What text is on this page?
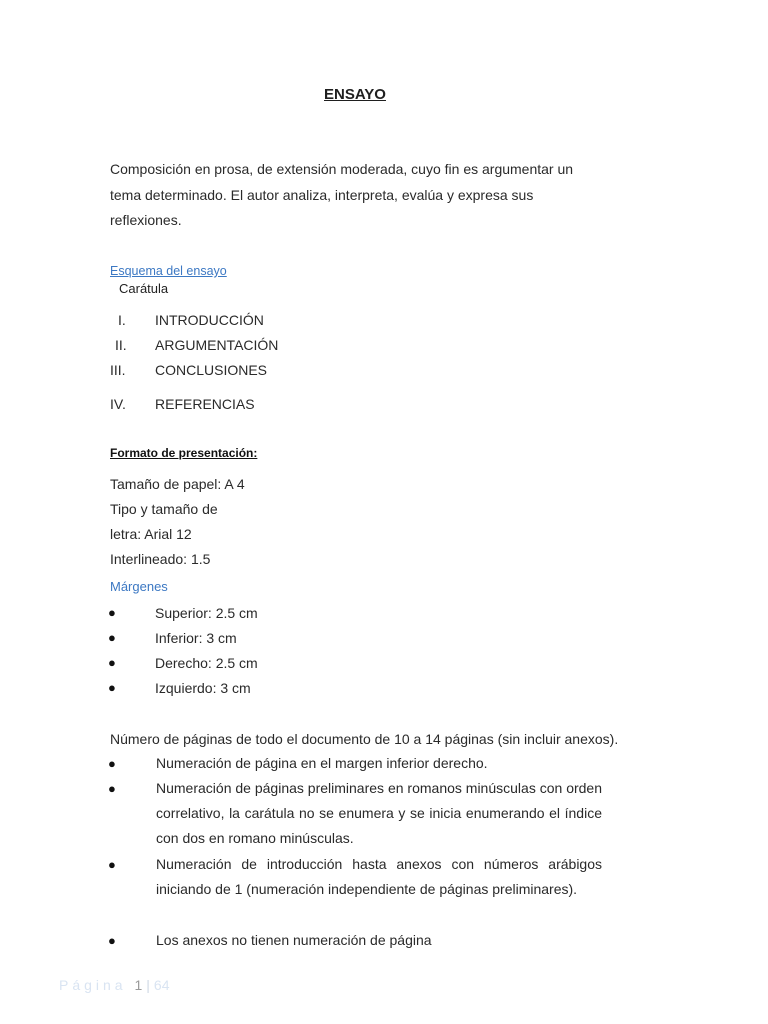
ENSAYO
Composición en prosa, de extensión moderada, cuyo fin es argumentar un tema determinado. El autor analiza, interpreta, evalúa y expresa sus reflexiones.
Esquema del ensayo
Carátula
I. INTRODUCCIÓN
II. ARGUMENTACIÓN
III. CONCLUSIONES
IV. REFERENCIAS
Formato de presentación:
Tamaño de papel: A 4
Tipo y tamaño de
letra: Arial 12
Interlineado: 1.5
Márgenes
●	Superior: 2.5 cm
●	Inferior: 3 cm
●	Derecho: 2.5 cm
●	Izquierdo: 3 cm
Número de páginas de todo el documento de 10 a 14 páginas (sin incluir anexos).
●	Numeración de página en el margen inferior derecho.
●	Numeración de páginas preliminares en romanos minúsculas con orden correlativo, la carátula no se enumera y se inicia enumerando el índice con dos en romano minúsculas.
●	Numeración de introducción hasta anexos con números arábigos iniciando de 1 (numeración independiente de páginas preliminares).
●	Los anexos no tienen numeración de página
Página 1 | 64
